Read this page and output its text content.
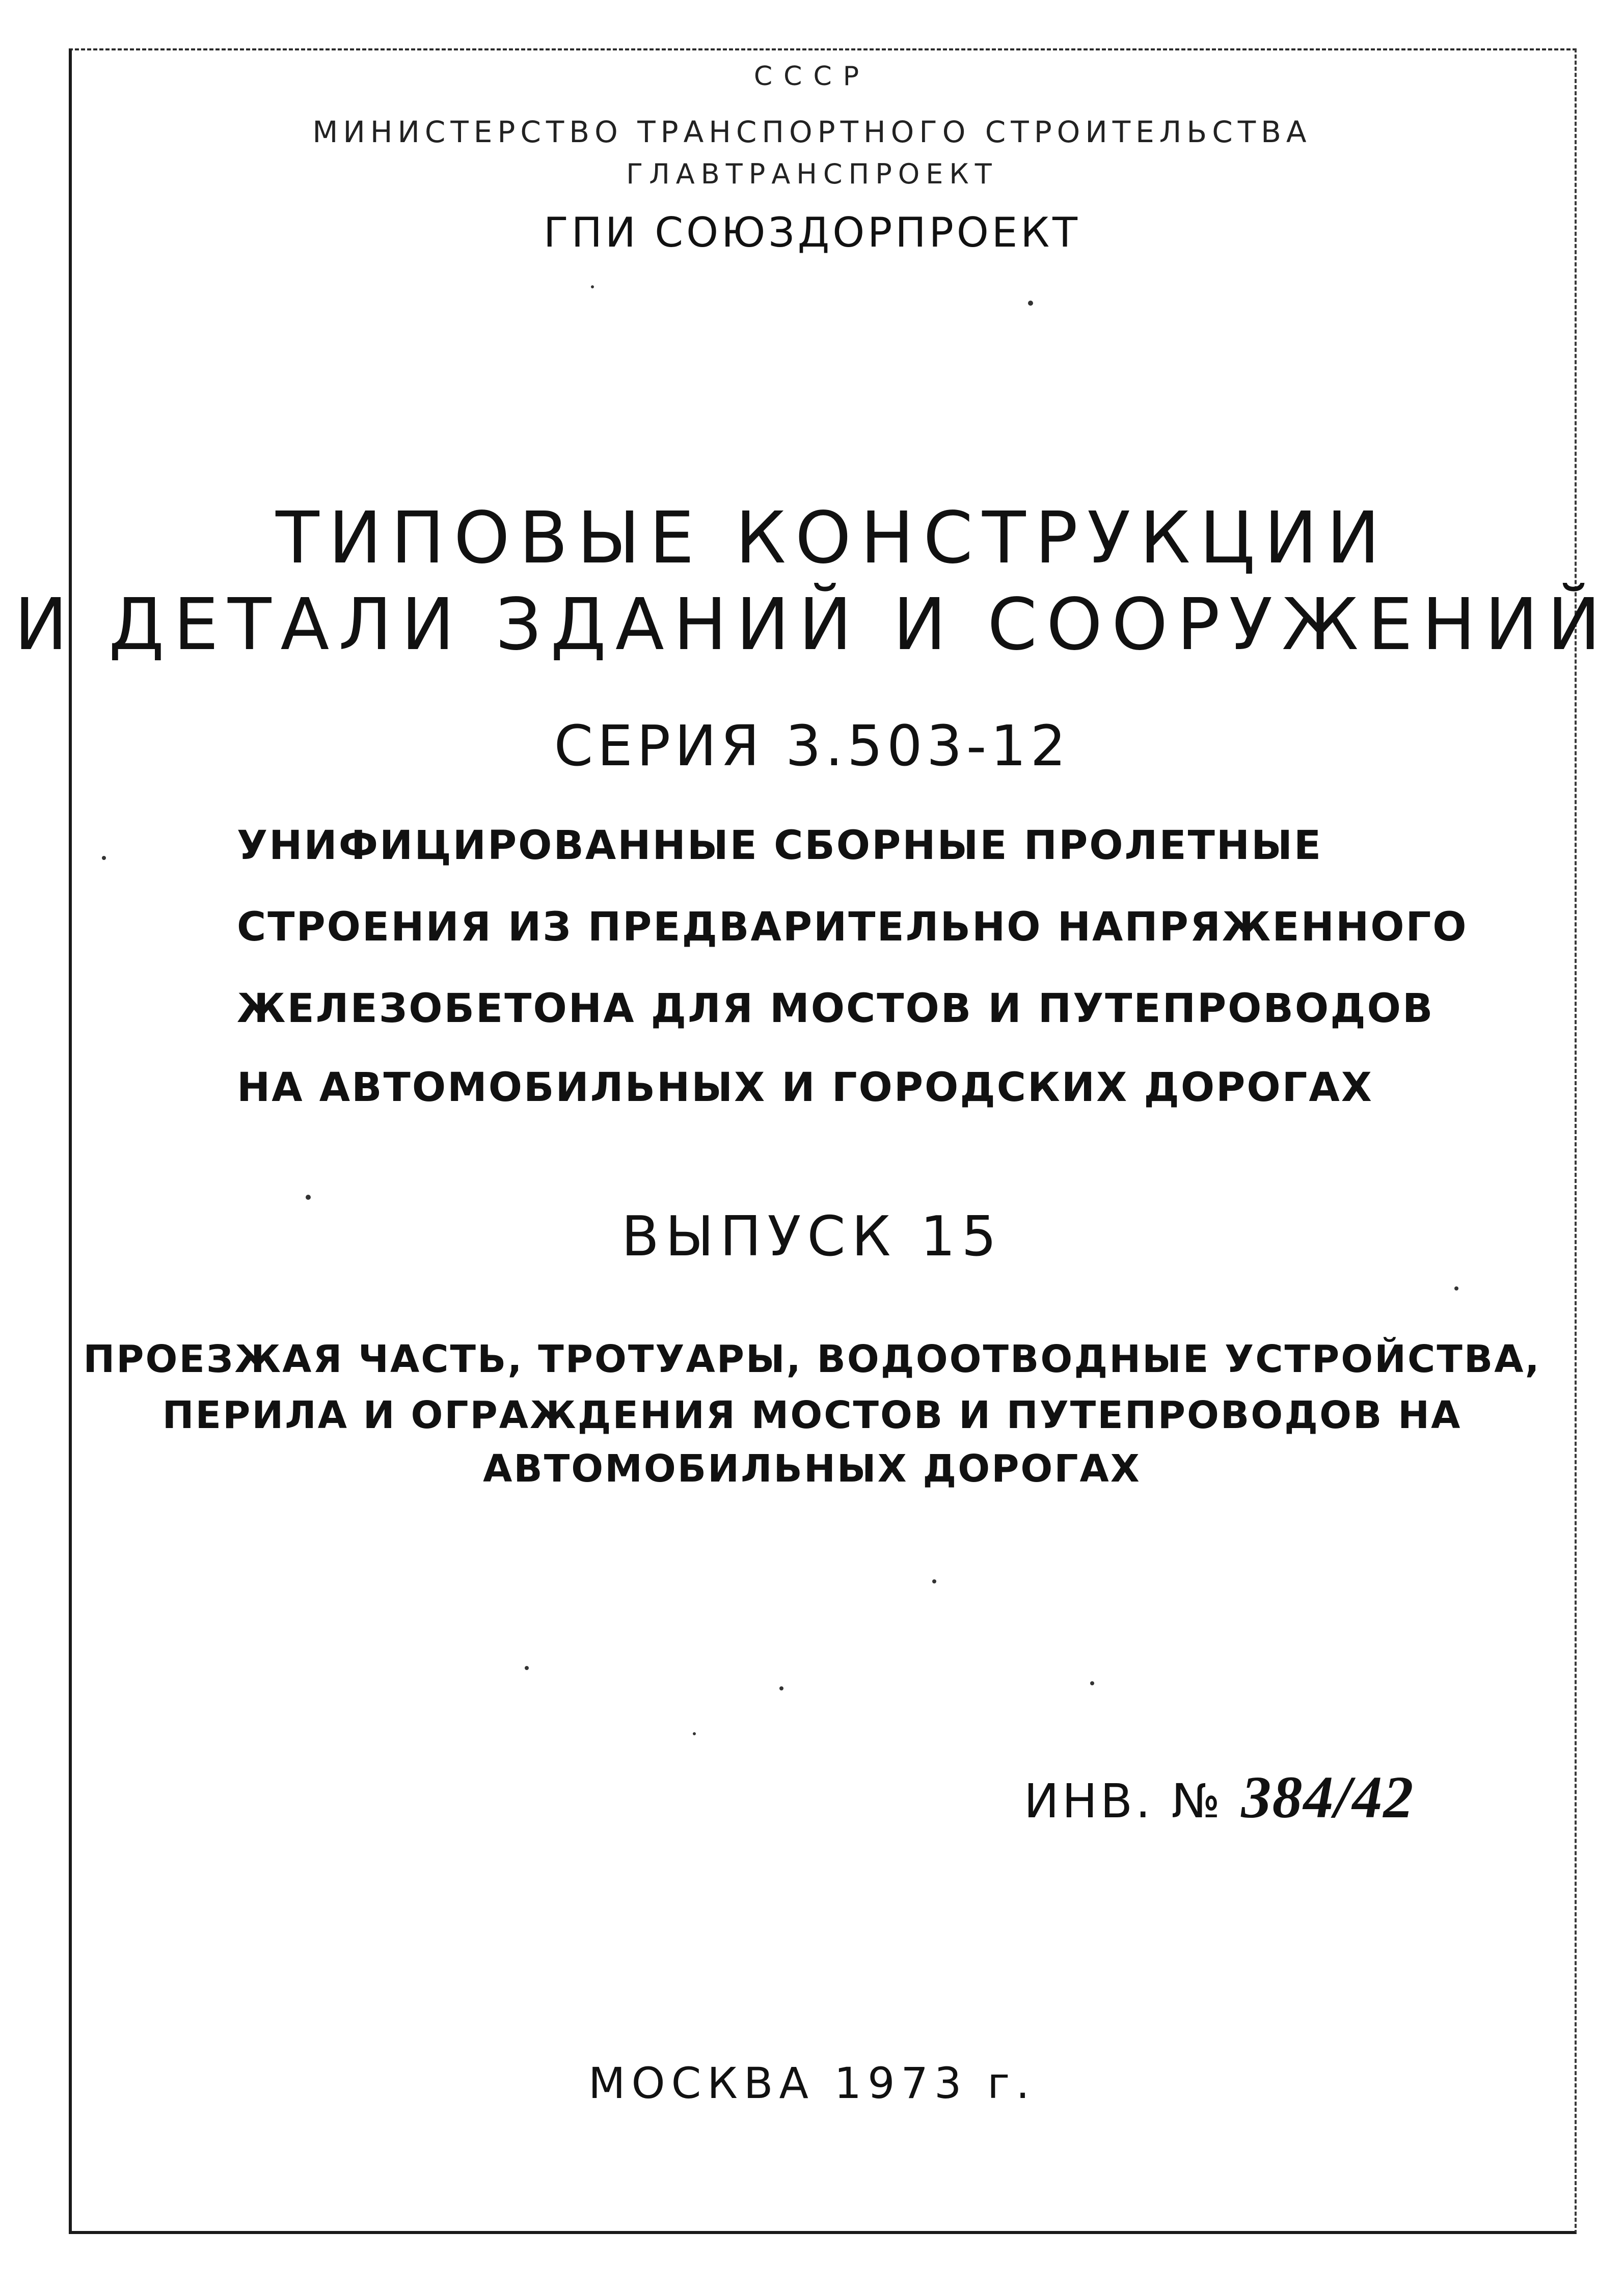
СССР
МИНИСТЕРСТВО ТРАНСПОРТНОГО СТРОИТЕЛЬСТВА
ГЛАВТРАНСПРОЕКТ
ГПИ СОЮЗДОРПРОЕКТ
ТИПОВЫЕ КОНСТРУКЦИИ
И ДЕТАЛИ ЗДАНИЙ И СООРУЖЕНИЙ
СЕРИЯ 3.503-12
УНИФИЦИРОВАННЫЕ СБОРНЫЕ ПРОЛЕТНЫЕ
СТРОЕНИЯ ИЗ ПРЕДВАРИТЕЛЬНО НАПРЯЖЕННОГО
ЖЕЛЕЗОБЕТОНА ДЛЯ МОСТОВ И ПУТЕПРОВОДОВ
НА АВТОМОБИЛЬНЫХ И ГОРОДСКИХ ДОРОГАХ
ВЫПУСК 15
ПРОЕЗЖАЯ ЧАСТЬ, ТРОТУАРЫ, ВОДООТВОДНЫЕ УСТРОЙСТВА,
ПЕРИЛА И ОГРАЖДЕНИЯ МОСТОВ И ПУТЕПРОВОДОВ НА
АВТОМОБИЛЬНЫХ ДОРОГАХ
ИНВ. № 384/42
МОСКВА 1973 г.
